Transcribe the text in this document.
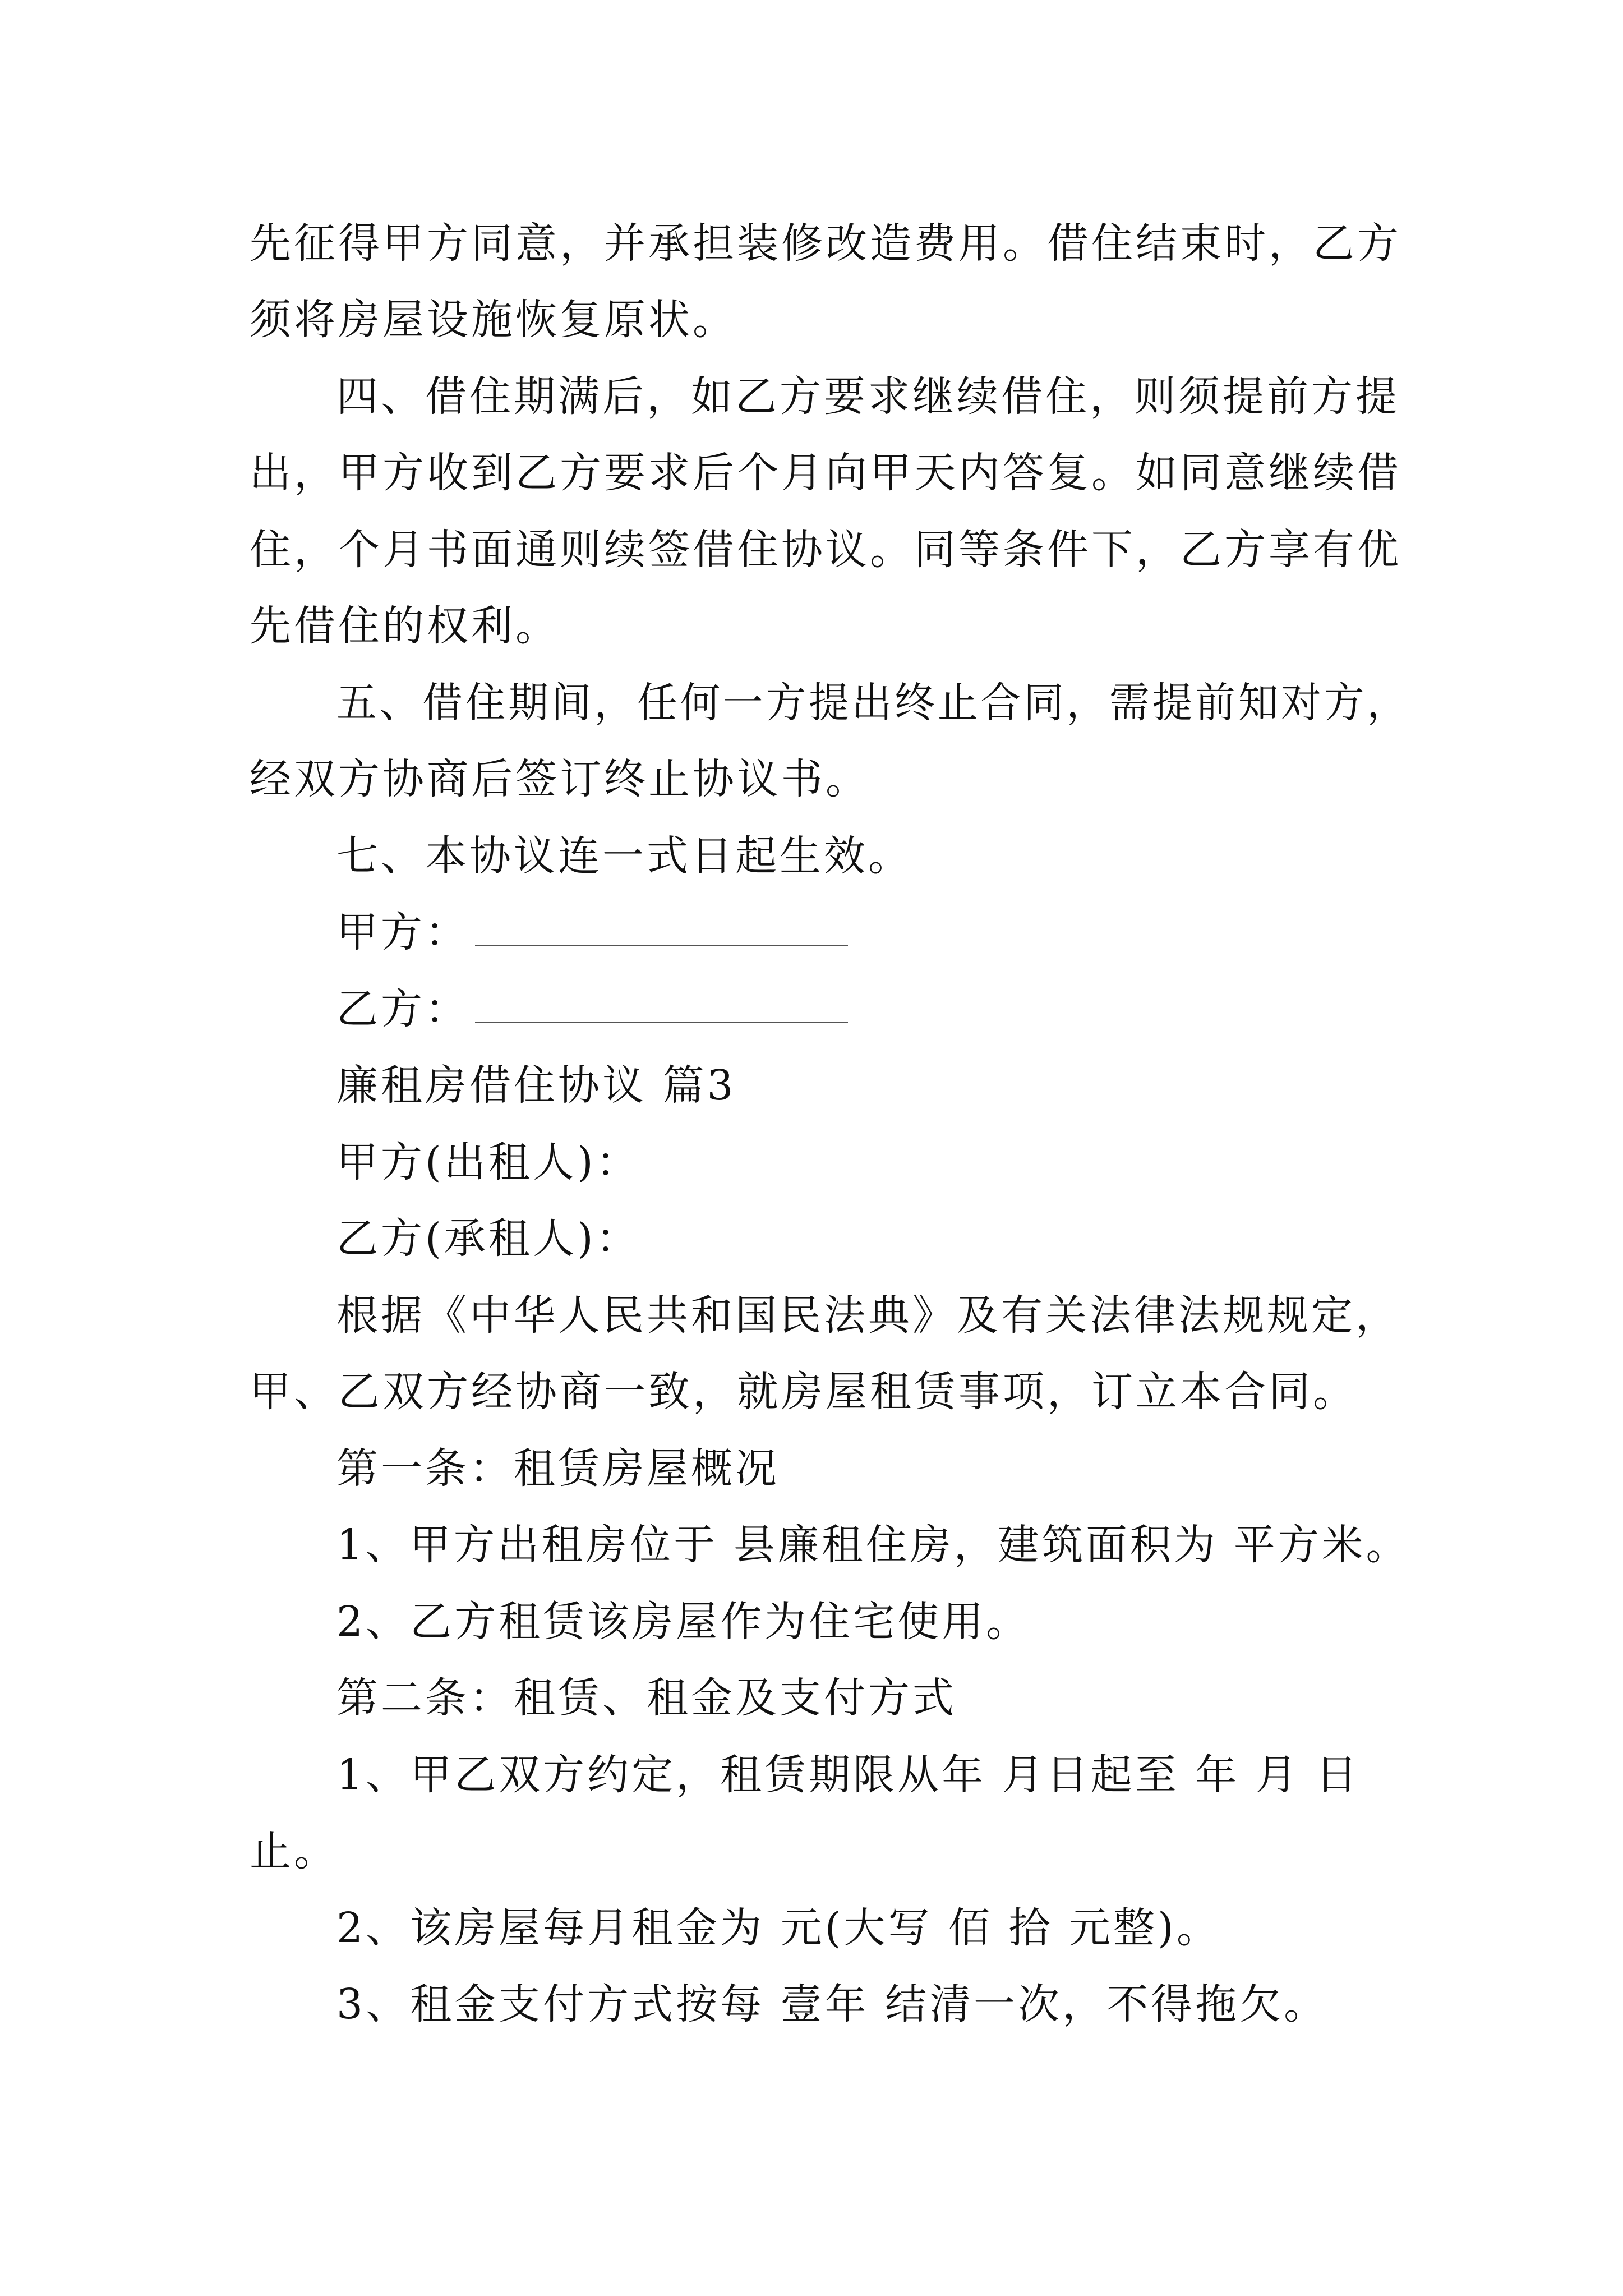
先征得甲方同意，并承担装修改造费用。借住结束时，乙方
须将房屋设施恢复原状。
四、借住期满后，如乙方要求继续借住，则须提前方提
出，甲方收到乙方要求后个月向甲天内答复。如同意继续借
住，个月书面通则续签借住协议。同等条件下，乙方享有优
先借住的权利。
五、借住期间，任何一方提出终止合同，需提前知对方，
经双方协商后签订终止协议书。
七、本协议连一式日起生效。
甲方：
乙方：
廉租房借住协议 篇3
甲方(出租人)：
乙方(承租人)：
根据《中华人民共和国民法典》及有关法律法规规定，
甲、乙双方经协商一致，就房屋租赁事项，订立本合同。
第一条：租赁房屋概况
1、甲方出租房位于 县廉租住房，建筑面积为 平方米。
2、乙方租赁该房屋作为住宅使用。
第二条：租赁、租金及支付方式
1、甲乙双方约定，租赁期限从年 月日起至 年 月 日
止。
2、该房屋每月租金为 元(大写 佰 拾 元整)。
3、租金支付方式按每 壹年 结清一次，不得拖欠。
